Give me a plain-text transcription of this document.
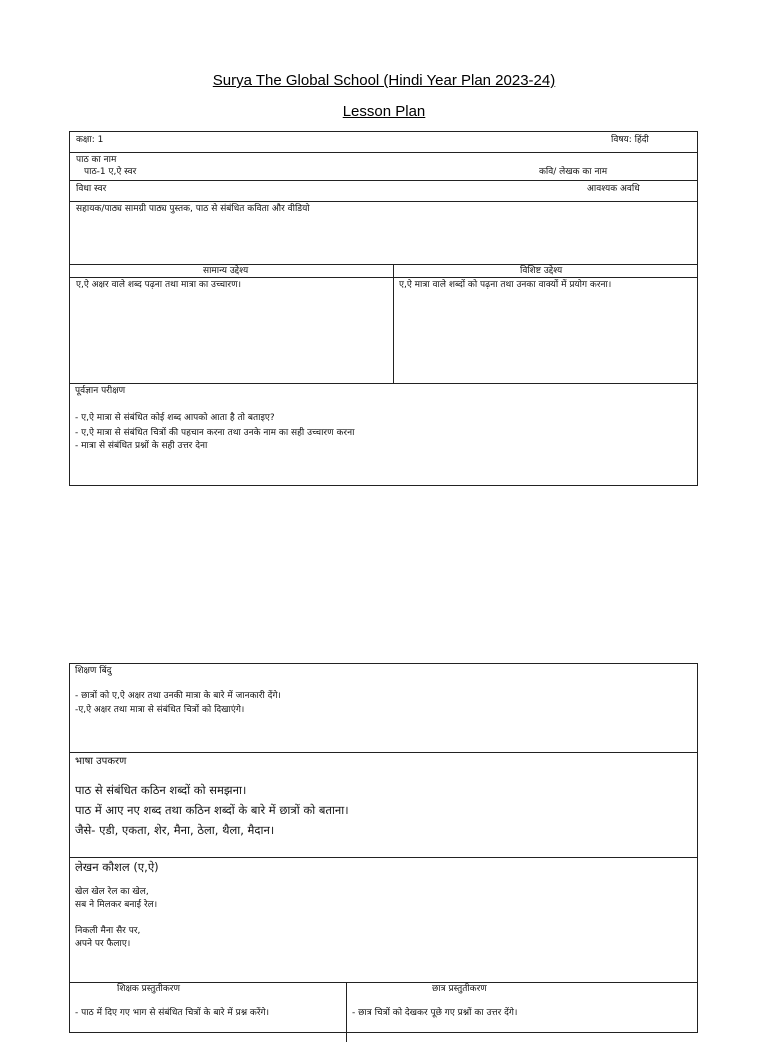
Surya The Global School (Hindi Year Plan 2023-24)
Lesson Plan
कक्षा: 1	विषय: हिंदी
पाठ का नाम
पाठ-1 ए,ऐ स्वर	कवि/ लेखक का नाम
विधा स्वर	आवश्यक अवधि
सहायक/पाठ्य सामग्री पाठ्य पुस्तक, पाठ से संबंधित कविता और वीडियो
सामान्य उद्देश्य	विशिष्ट उद्देश्य
ए,ऐ अक्षर वाले शब्द पढ़ना तथा मात्रा का उच्चारण।	ए,ऐ मात्रा वाले शब्दों को पढ़ना तथा उनका वाक्यों में प्रयोग करना।
पूर्वज्ञान परीक्षण
- ए,ऐ मात्रा से संबंधित कोई शब्द आपको आता है तो बताइए?
- ए,ऐ मात्रा से संबंधित चित्रों की पहचान करना तथा उनके नाम का सही उच्चारण करना
- मात्रा से संबंधित प्रश्नों के सही उत्तर देना
शिक्षण बिंदु
- छात्रों को ए,ऐ अक्षर तथा उनकी मात्रा के बारे में जानकारी देंगे।
-ए,ऐ अक्षर तथा मात्रा से संबंधित चित्रों को दिखाएंगे।
भाषा उपकरण
पाठ से संबंधित कठिन शब्दों को समझना।
पाठ में आए नए शब्द तथा कठिन शब्दों के बारे में छात्रों को बताना।
जैसे- एडी, एकता, शेर, मैना, ठेला, थैला, मैदान।
लेखन कौशल (ए,ऐ)
खेल खेल रेल का खेल,
सब ने मिलकर बनाई रेल।
निकली मैना सैर पर,
अपने पर फैलाए।
शिक्षक प्रस्तुतीकरण	छात्र प्रस्तुतीकरण
- पाठ में दिए गए भाग से संबंधित चित्रों के बारे में प्रश्न करेंगे।	- छात्र चित्रों को देखकर पूछे गए प्रश्नों का उत्तर देंगे।
